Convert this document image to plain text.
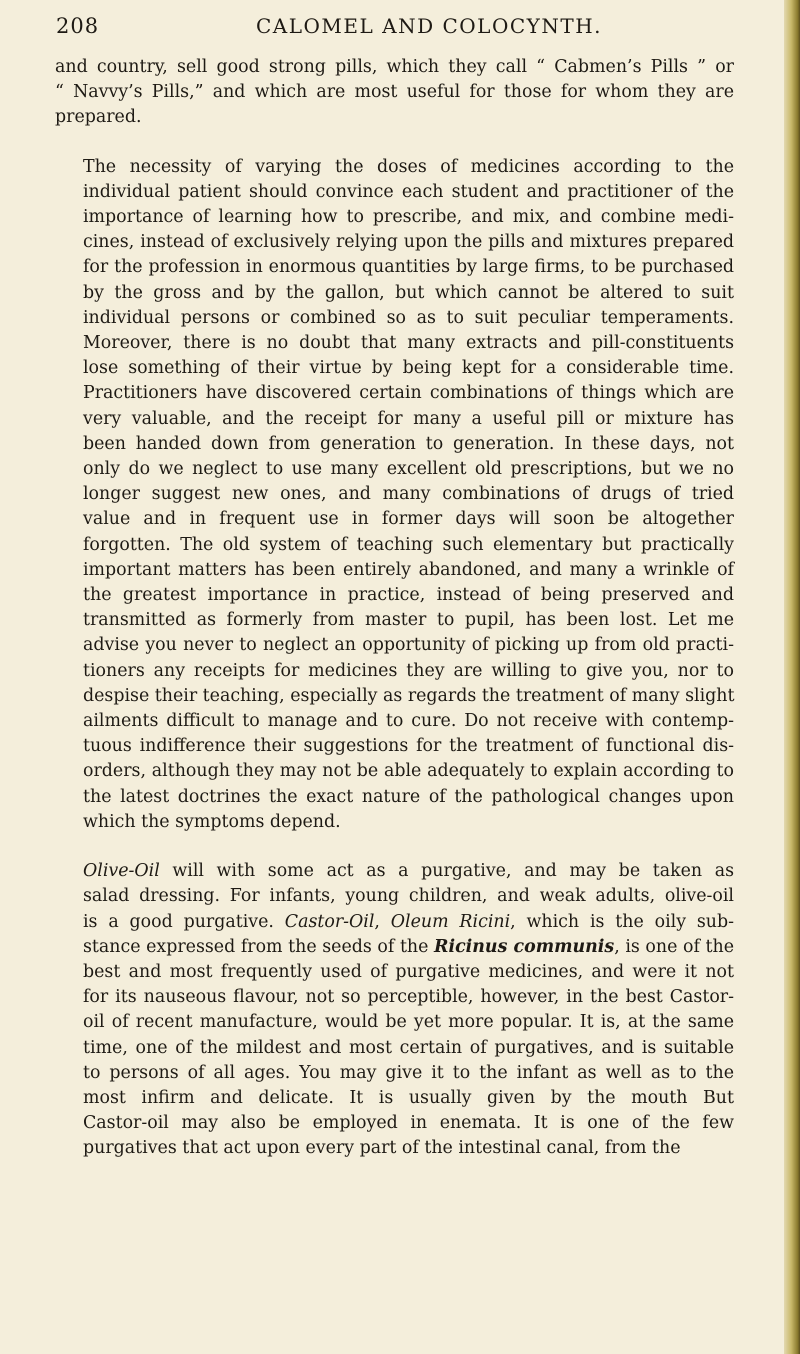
208	CALOMEL AND COLOCYNTH.

and country, sell good strong pills, which they call “ Cabmen’s Pills ” or
“ Navvy’s Pills,” and which are most useful for those for whom they are
prepared.

The necessity of varying the doses of medicines according to the
individual patient should convince each student and practitioner of the
importance of learning how to prescribe, and mix, and combine medi-
cines, instead of exclusively relying upon the pills and mixtures prepared
for the profession in enormous quantities by large firms, to be purchased
by the gross and by the gallon, but which cannot be altered to suit
individual persons or combined so as to suit peculiar temperaments.
Moreover, there is no doubt that many extracts and pill-constituents
lose something of their virtue by being kept for a considerable time.
Practitioners have discovered certain combinations of things which are
very valuable, and the receipt for many a useful pill or mixture has
been handed down from generation to generation. In these days, not
only do we neglect to use many excellent old prescriptions, but we no
longer suggest new ones, and many combinations of drugs of tried
value and in frequent use in former days will soon be altogether
forgotten. The old system of teaching such elementary but practically
important matters has been entirely abandoned, and many a wrinkle of
the greatest importance in practice, instead of being preserved and
transmitted as formerly from master to pupil, has been lost. Let me
advise you never to neglect an opportunity of picking up from old practi-
tioners any receipts for medicines they are willing to give you, nor to
despise their teaching, especially as regards the treatment of many slight
ailments difficult to manage and to cure. Do not receive with contemp-
tuous indifference their suggestions for the treatment of functional dis-
orders, although they may not be able adequately to explain according to
the latest doctrines the exact nature of the pathological changes upon
which the symptoms depend.

Olive-Oil will with some act as a purgative, and may be taken as
salad dressing. For infants, young children, and weak adults, olive-oil
is a good purgative. Castor-Oil, Oleum Ricini, which is the oily sub-
stance expressed from the seeds of the Ricinus communis, is one of the
best and most frequently used of purgative medicines, and were it not
for its nauseous flavour, not so perceptible, however, in the best Castor-
oil of recent manufacture, would be yet more popular. It is, at the same
time, one of the mildest and most certain of purgatives, and is suitable
to persons of all ages. You may give it to the infant as well as to the
most infirm and delicate. It is usually given by the mouth But
Castor-oil may also be employed in enemata. It is one of the few
purgatives that act upon every part of the intestinal canal, from the
